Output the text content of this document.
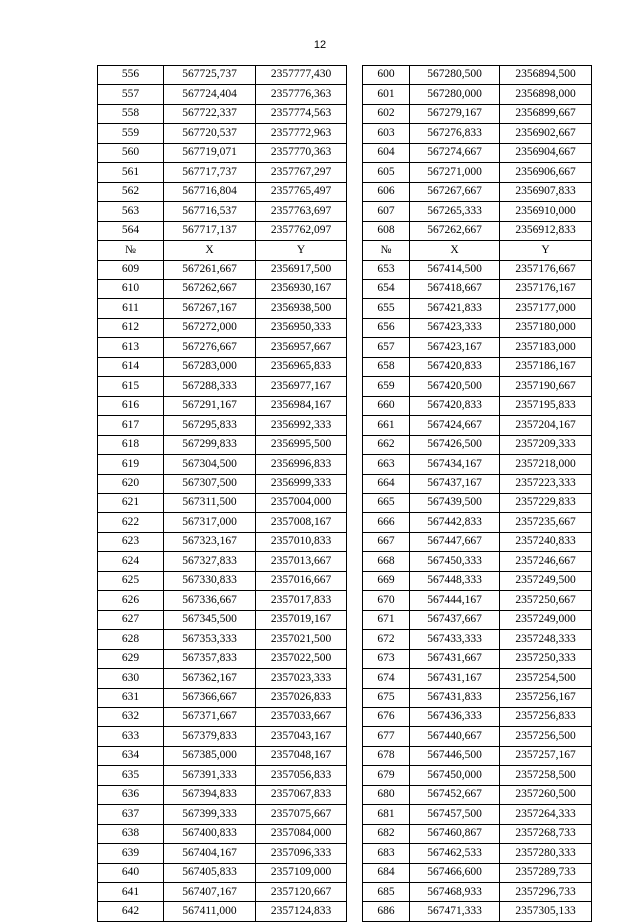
12
556	567725,737	2357777,430
557	567724,404	2357776,363
558	567722,337	2357774,563
559	567720,537	2357772,963
560	567719,071	2357770,363
561	567717,737	2357767,297
562	567716,804	2357765,497
563	567716,537	2357763,697
564	567717,137	2357762,097
№	X	Y
609	567261,667	2356917,500
610	567262,667	2356930,167
611	567267,167	2356938,500
612	567272,000	2356950,333
613	567276,667	2356957,667
614	567283,000	2356965,833
615	567288,333	2356977,167
616	567291,167	2356984,167
617	567295,833	2356992,333
618	567299,833	2356995,500
619	567304,500	2356996,833
620	567307,500	2356999,333
621	567311,500	2357004,000
622	567317,000	2357008,167
623	567323,167	2357010,833
624	567327,833	2357013,667
625	567330,833	2357016,667
626	567336,667	2357017,833
627	567345,500	2357019,167
628	567353,333	2357021,500
629	567357,833	2357022,500
630	567362,167	2357023,333
631	567366,667	2357026,833
632	567371,667	2357033,667
633	567379,833	2357043,167
634	567385,000	2357048,167
635	567391,333	2357056,833
636	567394,833	2357067,833
637	567399,333	2357075,667
638	567400,833	2357084,000
639	567404,167	2357096,333
640	567405,833	2357109,000
641	567407,167	2357120,667
642	567411,000	2357124,833
600	567280,500	2356894,500
601	567280,000	2356898,000
602	567279,167	2356899,667
603	567276,833	2356902,667
604	567274,667	2356904,667
605	567271,000	2356906,667
606	567267,667	2356907,833
607	567265,333	2356910,000
608	567262,667	2356912,833
№	X	Y
653	567414,500	2357176,667
654	567418,667	2357176,167
655	567421,833	2357177,000
656	567423,333	2357180,000
657	567423,167	2357183,000
658	567420,833	2357186,167
659	567420,500	2357190,667
660	567420,833	2357195,833
661	567424,667	2357204,167
662	567426,500	2357209,333
663	567434,167	2357218,000
664	567437,167	2357223,333
665	567439,500	2357229,833
666	567442,833	2357235,667
667	567447,667	2357240,833
668	567450,333	2357246,667
669	567448,333	2357249,500
670	567444,167	2357250,667
671	567437,667	2357249,000
672	567433,333	2357248,333
673	567431,667	2357250,333
674	567431,167	2357254,500
675	567431,833	2357256,167
676	567436,333	2357256,833
677	567440,667	2357256,500
678	567446,500	2357257,167
679	567450,000	2357258,500
680	567452,667	2357260,500
681	567457,500	2357264,333
682	567460,867	2357268,733
683	567462,533	2357280,333
684	567466,600	2357289,733
685	567468,933	2357296,733
686	567471,333	2357305,133
